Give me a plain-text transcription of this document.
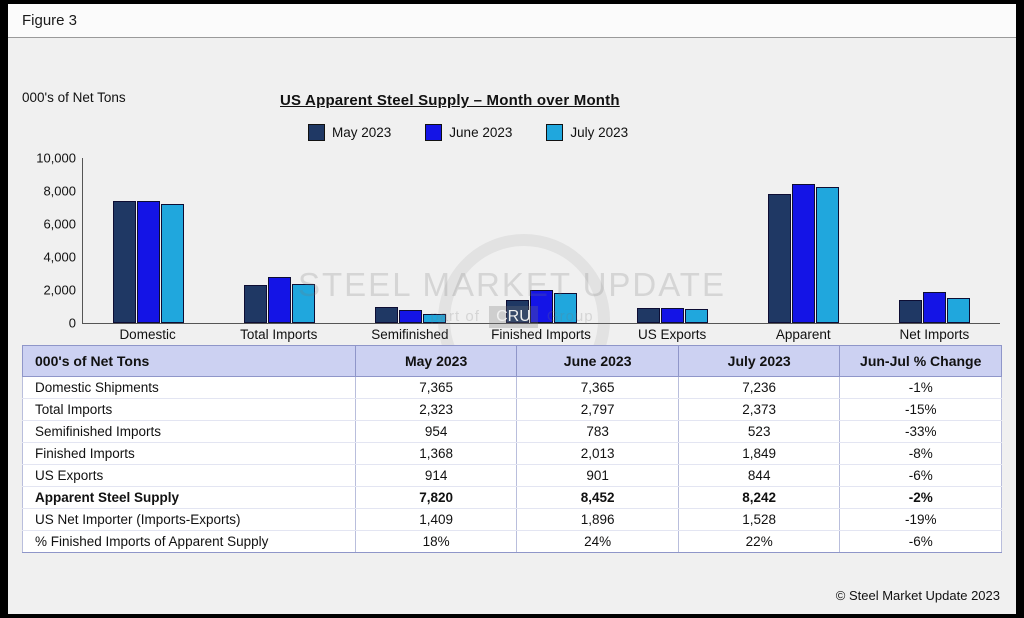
Figure 3
000's of Net Tons	US Apparent Steel Supply – Month over Month
May 2023	June 2023	July 2023
10,000
8,000
6,000
4,000
2,000
0
Domestic	Total Imports	Semifinished	Finished Imports	US Exports	Apparent	Net Imports
STEEL MARKET UPDATE
part of CRU Group
000's of Net Tons	May 2023	June 2023	July 2023	Jun-Jul % Change
Domestic Shipments	7,365	7,365	7,236	-1%
Total Imports	2,323	2,797	2,373	-15%
Semifinished Imports	954	783	523	-33%
Finished Imports	1,368	2,013	1,849	-8%
US Exports	914	901	844	-6%
Apparent Steel Supply	7,820	8,452	8,242	-2%
US Net Importer (Imports-Exports)	1,409	1,896	1,528	-19%
% Finished Imports of Apparent Supply	18%	24%	22%	-6%
© Steel Market Update 2023
